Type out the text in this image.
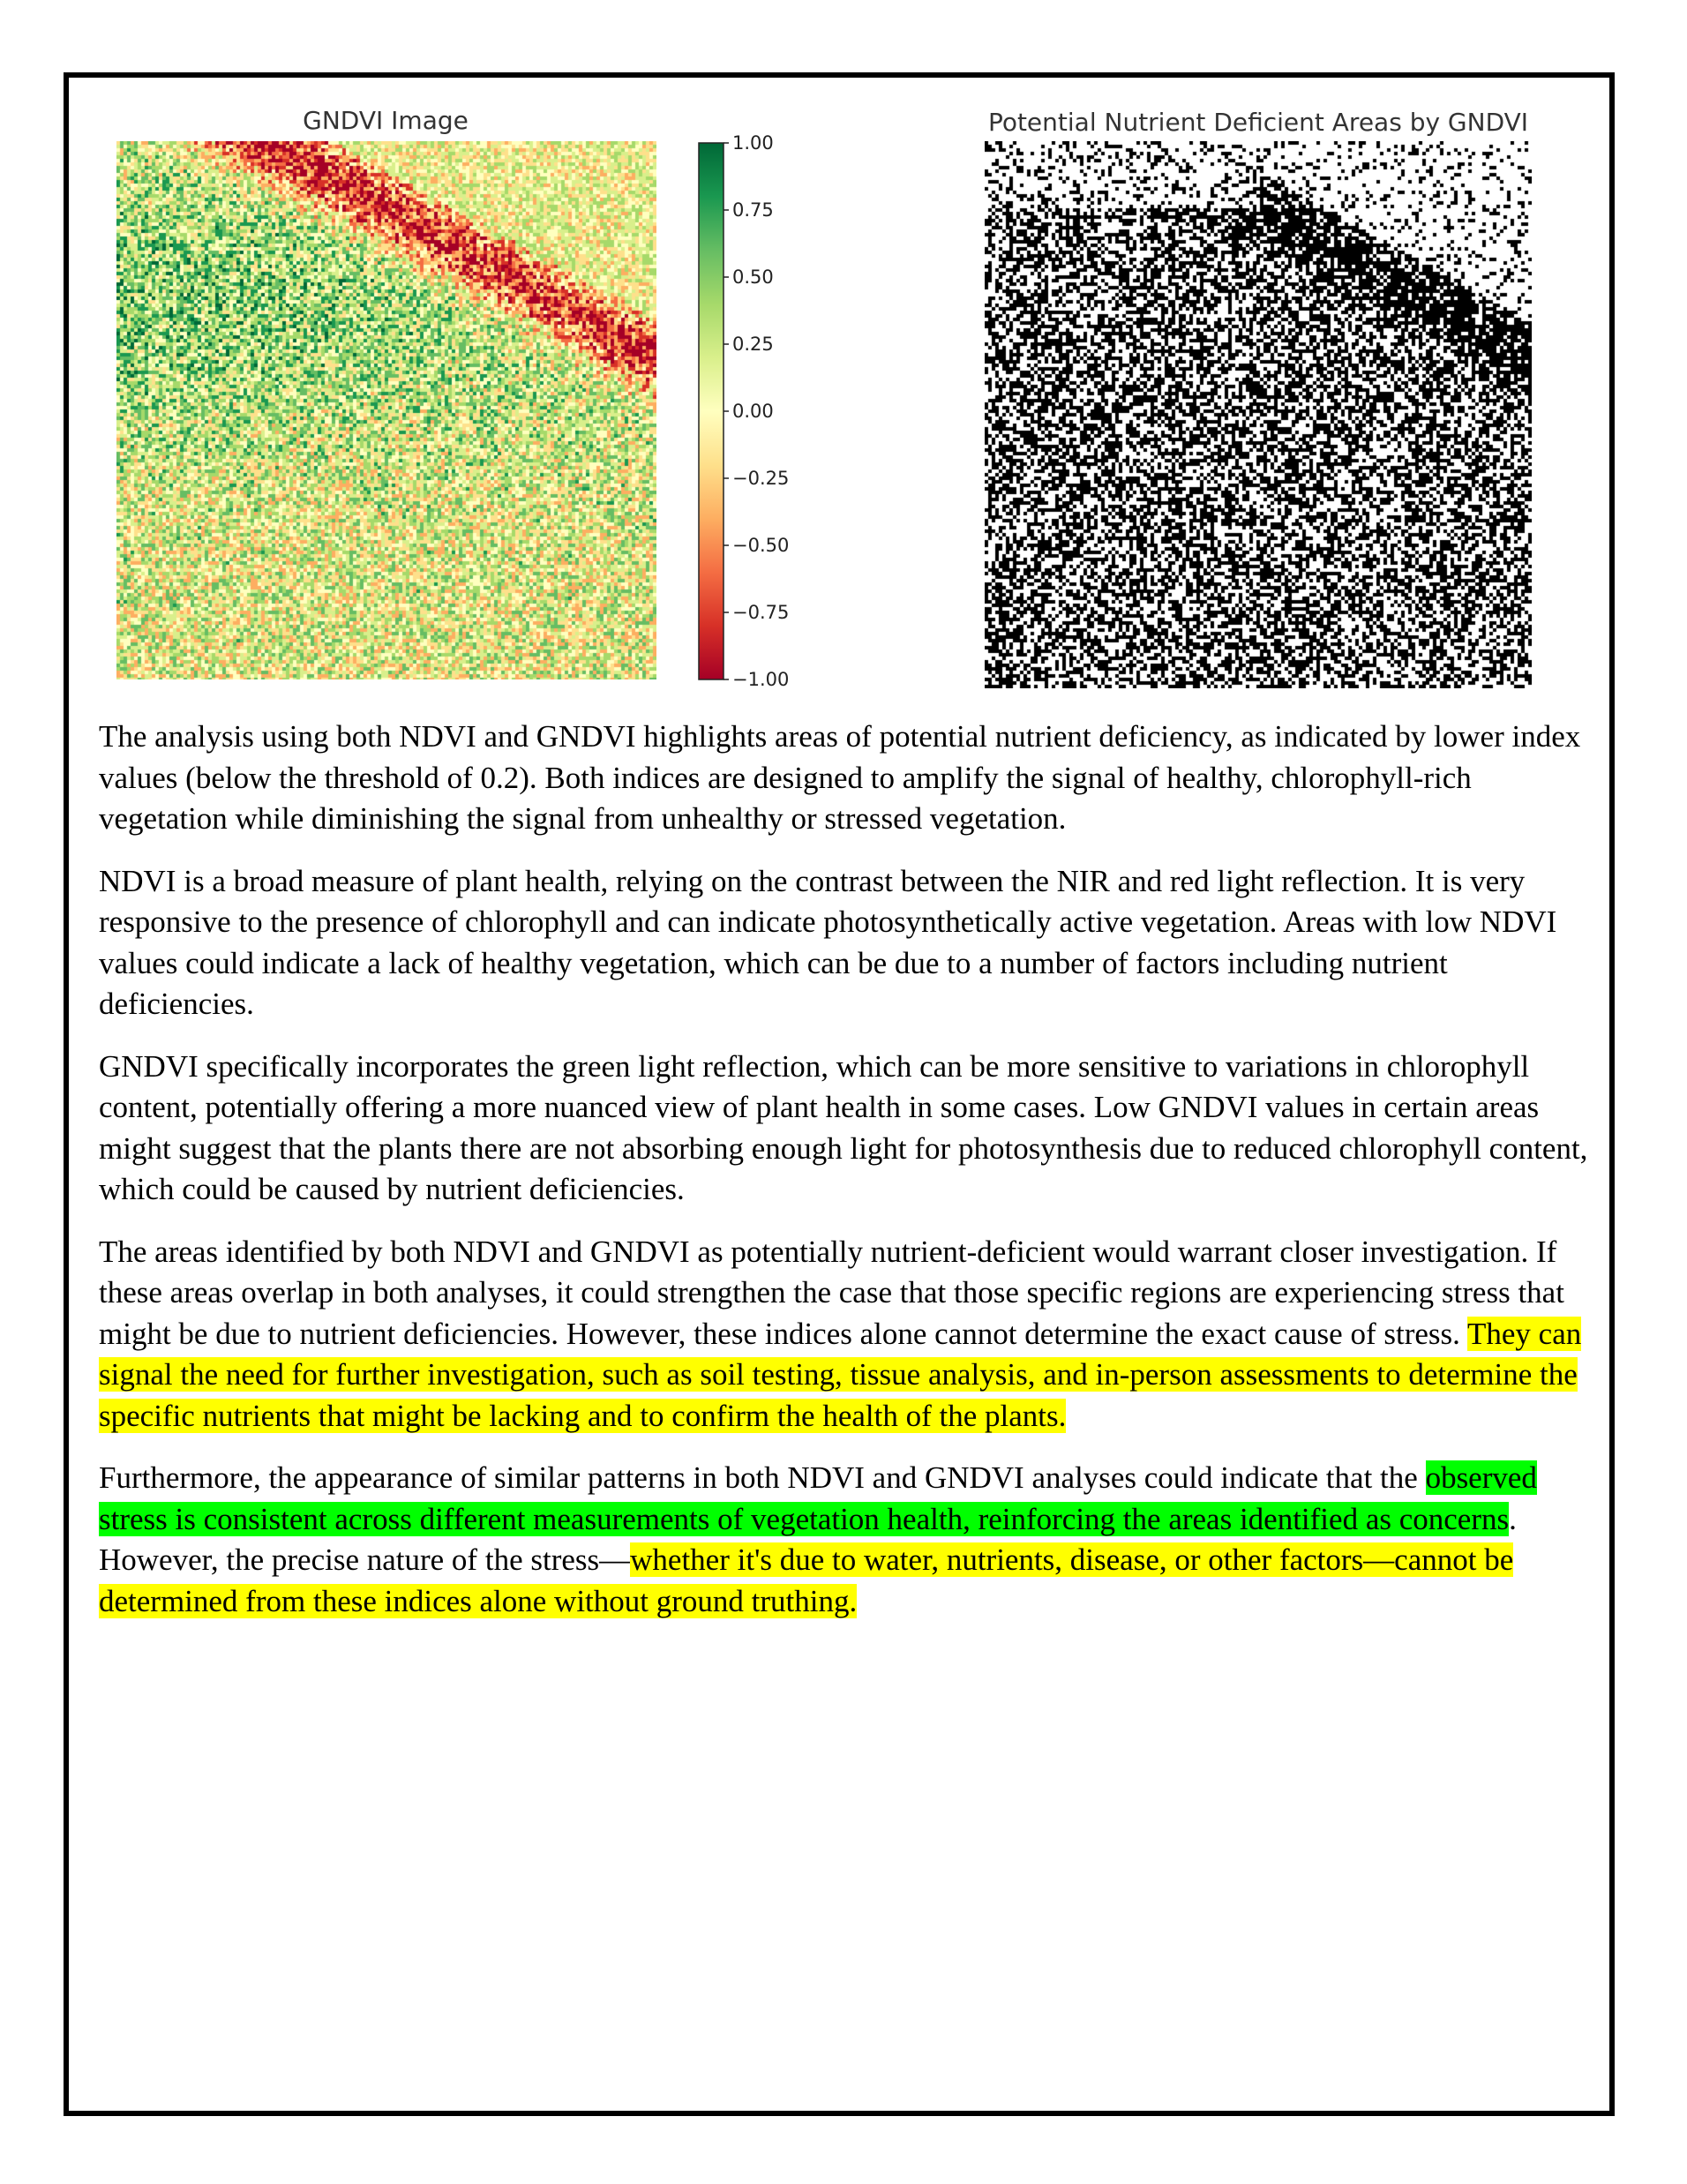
GNDVI Image
1.00
0.75
0.50
0.25
0.00
−0.25
−0.50
−0.75
−1.00
Potential Nutrient Deficient Areas by GNDVI

The analysis using both NDVI and GNDVI highlights areas of potential nutrient deficiency, as indicated by lower index values (below the threshold of 0.2). Both indices are designed to amplify the signal of healthy, chlorophyll-rich vegetation while diminishing the signal from unhealthy or stressed vegetation.

NDVI is a broad measure of plant health, relying on the contrast between the NIR and red light reflection. It is very responsive to the presence of chlorophyll and can indicate photosynthetically active vegetation. Areas with low NDVI values could indicate a lack of healthy vegetation, which can be due to a number of factors including nutrient deficiencies.

GNDVI specifically incorporates the green light reflection, which can be more sensitive to variations in chlorophyll content, potentially offering a more nuanced view of plant health in some cases. Low GNDVI values in certain areas might suggest that the plants there are not absorbing enough light for photosynthesis due to reduced chlorophyll content, which could be caused by nutrient deficiencies.

The areas identified by both NDVI and GNDVI as potentially nutrient-deficient would warrant closer investigation. If these areas overlap in both analyses, it could strengthen the case that those specific regions are experiencing stress that might be due to nutrient deficiencies. However, these indices alone cannot determine the exact cause of stress. They can signal the need for further investigation, such as soil testing, tissue analysis, and in-person assessments to determine the specific nutrients that might be lacking and to confirm the health of the plants.

Furthermore, the appearance of similar patterns in both NDVI and GNDVI analyses could indicate that the observed stress is consistent across different measurements of vegetation health, reinforcing the areas identified as concerns. However, the precise nature of the stress—whether it's due to water, nutrients, disease, or other factors—cannot be determined from these indices alone without ground truthing.
